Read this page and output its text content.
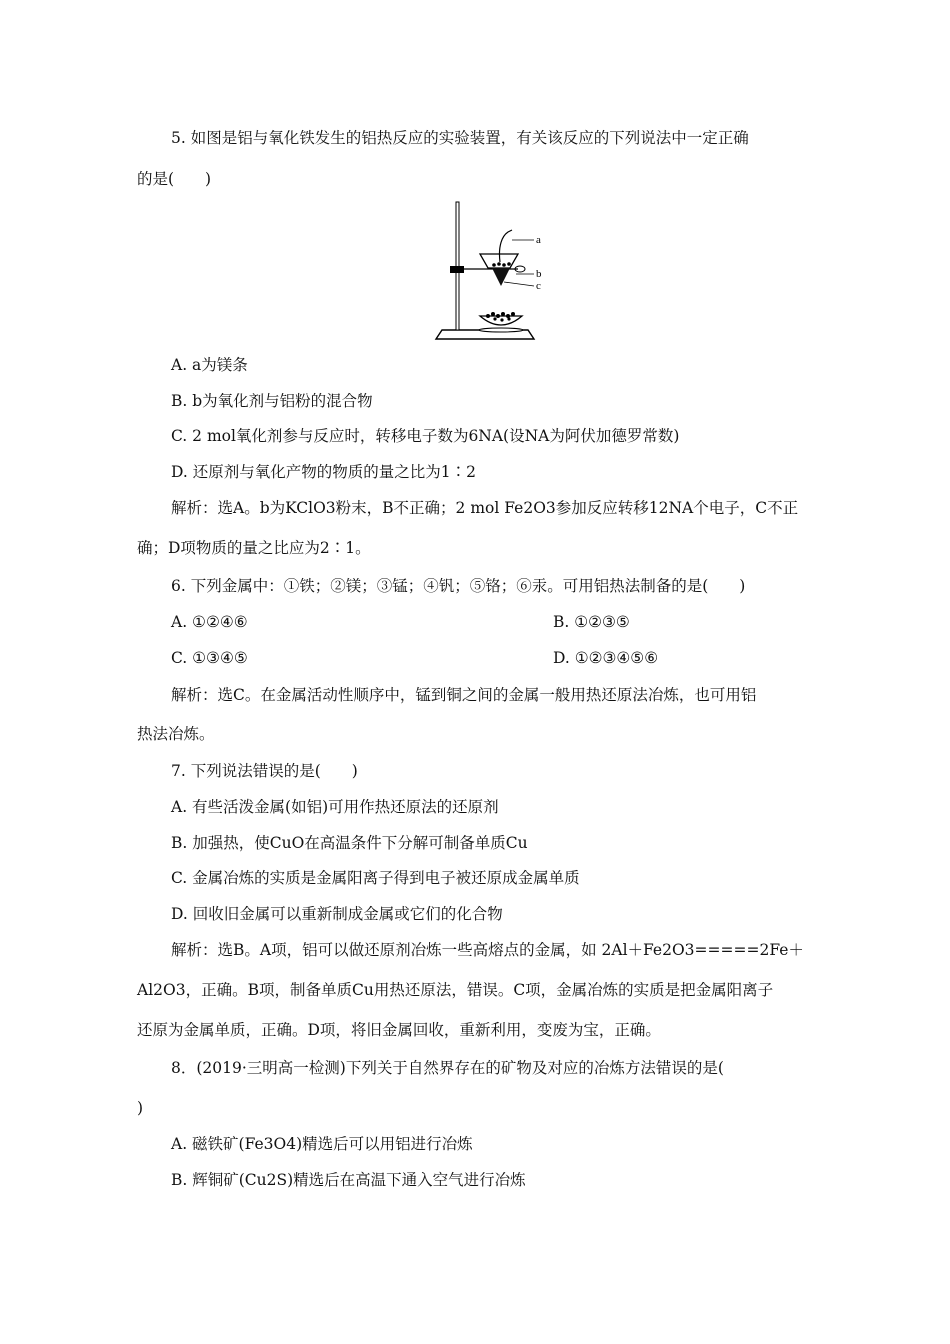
5. 如图是铝与氧化铁发生的铝热反应的实验装置，有关该反应的下列说法中一定正确
的是(　　)
a
b
c
A. a为镁条
B. b为氧化剂与铝粉的混合物
C. 2 mol氧化剂参与反应时，转移电子数为6NA(设NA为阿伏加德罗常数)
D. 还原剂与氧化产物的物质的量之比为1∶2
解析：选A。b为KClO3粉末，B不正确；2 mol Fe2O3参加反应转移12NA个电子，C不正
确；D项物质的量之比应为2∶1。
6. 下列金属中：①铁；②镁；③锰；④钒；⑤铬；⑥汞。可用铝热法制备的是(　　)
A. ①②④⑥	B. ①②③⑤
C. ①③④⑤	D. ①②③④⑤⑥
解析：选C。在金属活动性顺序中，锰到铜之间的金属一般用热还原法冶炼，也可用铝
热法冶炼。
7. 下列说法错误的是(　　)
A. 有些活泼金属(如铝)可用作热还原法的还原剂
B. 加强热，使CuO在高温条件下分解可制备单质Cu
C. 金属冶炼的实质是金属阳离子得到电子被还原成金属单质
D. 回收旧金属可以重新制成金属或它们的化合物
解析：选B。A项，铝可以做还原剂冶炼一些高熔点的金属，如 2Al＋Fe2O3=====2Fe＋
Al2O3，正确。B项，制备单质Cu用热还原法，错误。C项，金属冶炼的实质是把金属阳离子
还原为金属单质，正确。D项，将旧金属回收，重新利用，变废为宝，正确。
8．(2019·三明高一检测)下列关于自然界存在的矿物及对应的冶炼方法错误的是(
)
A. 磁铁矿(Fe3O4)精选后可以用铝进行冶炼
B. 辉铜矿(Cu2S)精选后在高温下通入空气进行冶炼
